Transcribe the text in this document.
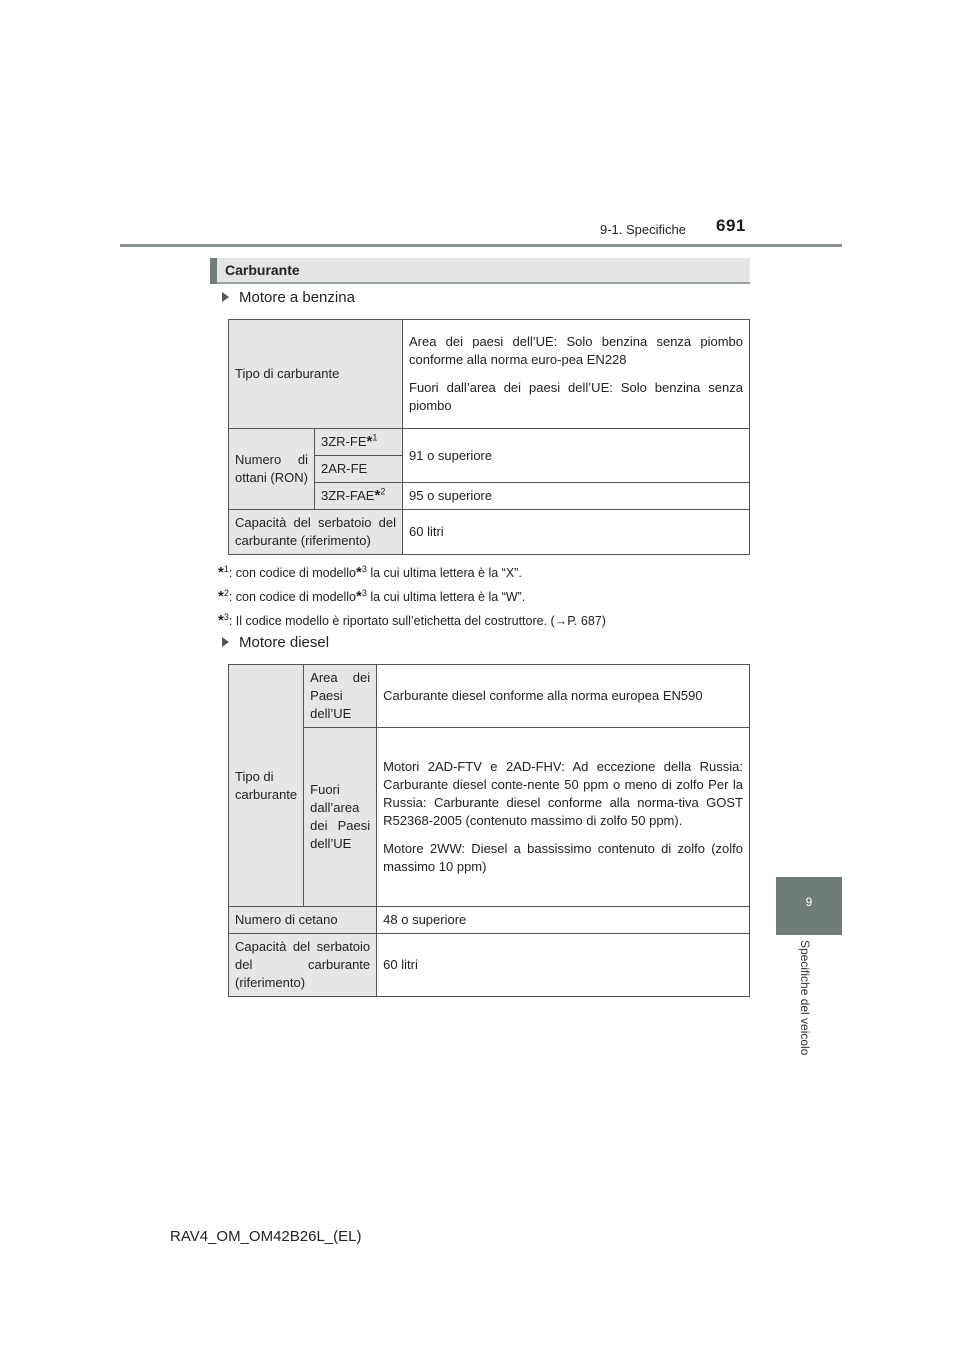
9-1. Specifiche 691
9
Specifiche del veicolo
Carburante
Motore a benzina
Tipo di carburante		Area dei paesi dell’UE: Solo benzina senza piombo conforme alla norma euro-pea EN228

Fuori dall’area dei paesi dell’UE: Solo benzina senza piombo

Numero di ottani (RON)	3ZR-FE*$^1$	91 o superiore
	2AR-FE	
	3ZR-FAE*$^2$	95 o superiore
Capacità del serbatoio del carburante (riferimento)		60 litri
*$^1$: con codice di modello*$^3$ la cui ultima lettera è la “X”.
*$^2$: con codice di modello*$^3$ la cui ultima lettera è la “W”.
*$^3$: Il codice modello è riportato sull’etichetta del costruttore. (→P. 687)
Motore diesel
Tipo di carburante	Area dei Paesi dell’UE	Carburante diesel conforme alla norma europea EN590
	Fuori dall’area dei Paesi dell’UE	Motori 2AD-FTV e 2AD-FHV: Ad eccezione della Russia: Carburante diesel conte-nente 50 ppm o meno di zolfo Per la Russia: Carburante diesel conforme alla norma-tiva GOST R52368-2005 (contenuto massimo di zolfo 50 ppm).

Motore 2WW: Diesel a bassissimo contenuto di zolfo (zolfo massimo 10 ppm)

Numero di cetano		48 o superiore
Capacità del serbatoio del carburante (riferimento)		60 litri
RAV4_OM_OM42B26L_(EL)
